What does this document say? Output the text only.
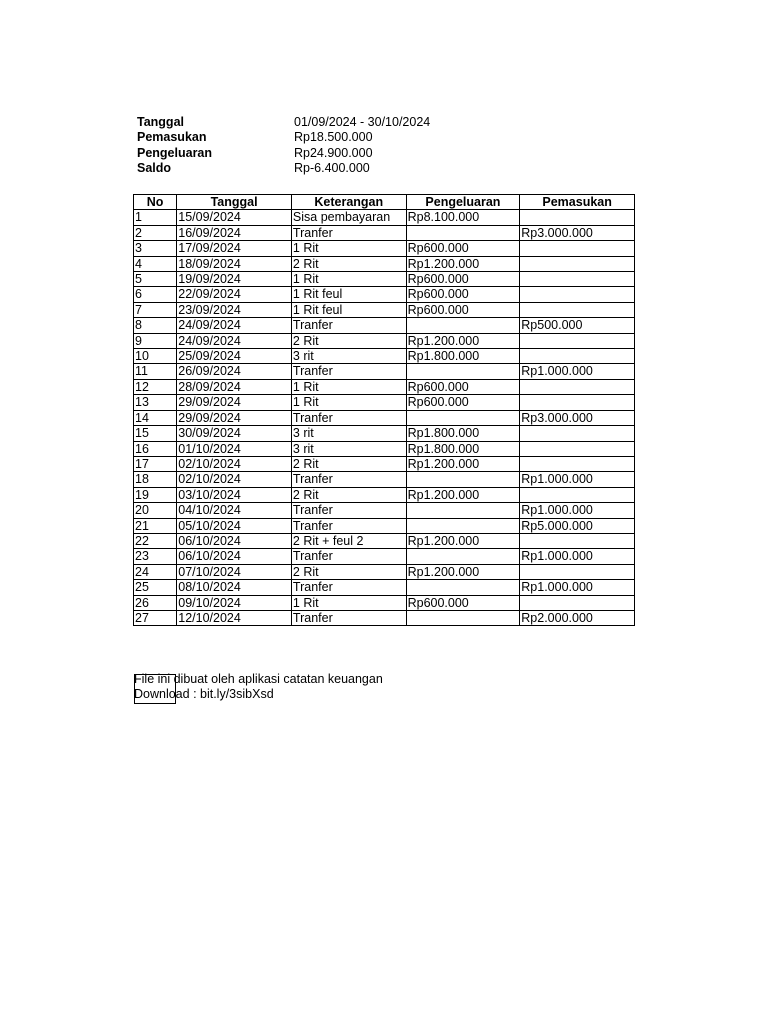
Tanggal	01/09/2024 - 30/10/2024
Pemasukan	Rp18.500.000
Pengeluaran	Rp24.900.000
Saldo	Rp-6.400.000
No	Tanggal	Keterangan	Pengeluaran	Pemasukan
1	15/09/2024	Sisa pembayaran	Rp8.100.000	
2	16/09/2024	Tranfer		Rp3.000.000
3	17/09/2024	1 Rit	Rp600.000	
4	18/09/2024	2 Rit	Rp1.200.000	
5	19/09/2024	1 Rit	Rp600.000	
6	22/09/2024	1 Rit feul	Rp600.000	
7	23/09/2024	1 Rit feul	Rp600.000	
8	24/09/2024	Tranfer		Rp500.000
9	24/09/2024	2 Rit	Rp1.200.000	
10	25/09/2024	3 rit	Rp1.800.000	
11	26/09/2024	Tranfer		Rp1.000.000
12	28/09/2024	1 Rit	Rp600.000	
13	29/09/2024	1 Rit	Rp600.000	
14	29/09/2024	Tranfer		Rp3.000.000
15	30/09/2024	3 rit	Rp1.800.000	
16	01/10/2024	3 rit	Rp1.800.000	
17	02/10/2024	2 Rit	Rp1.200.000	
18	02/10/2024	Tranfer		Rp1.000.000
19	03/10/2024	2 Rit	Rp1.200.000	
20	04/10/2024	Tranfer		Rp1.000.000
21	05/10/2024	Tranfer		Rp5.000.000
22	06/10/2024	2 Rit + feul 2	Rp1.200.000	
23	06/10/2024	Tranfer		Rp1.000.000
24	07/10/2024	2 Rit	Rp1.200.000	
25	08/10/2024	Tranfer		Rp1.000.000
26	09/10/2024	1 Rit	Rp600.000	
27	12/10/2024	Tranfer		Rp2.000.000
File ini dibuat oleh aplikasi catatan keuangan
Download : bit.ly/3sibXsd
